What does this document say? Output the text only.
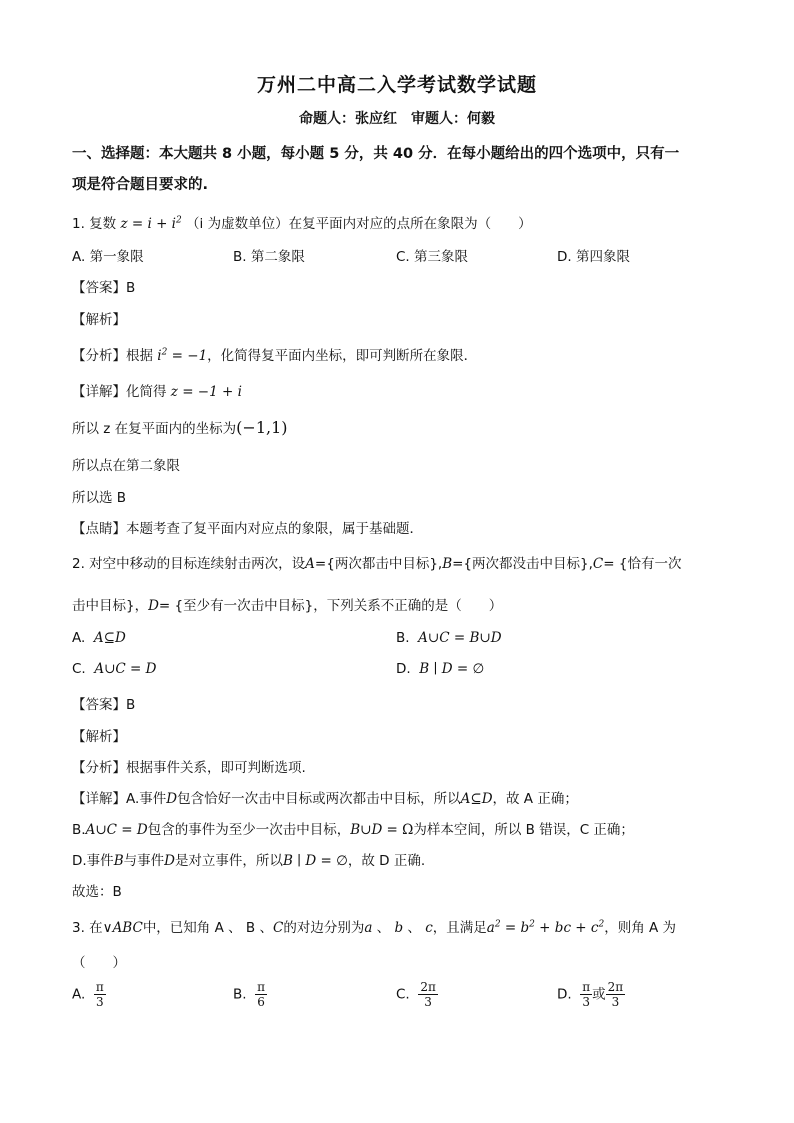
万州二中高二入学考试数学试题
命题人：张应红　审题人：何毅
一、选择题：本大题共 8 小题，每小题 5 分，共 40 分．在每小题给出的四个选项中，只有一
项是符合题目要求的.
1. 复数 $z = i + i^2$ （i 为虚数单位）在复平面内对应的点所在象限为（　　）
A. 第一象限	B. 第二象限	C. 第三象限	D. 第四象限
【答案】B
【解析】
【分析】根据 $i^2 = -1$，化简得复平面内坐标，即可判断所在象限．
【详解】化简得 z = −1 + i
所以 z 在复平面内的坐标为(−1,1)
所以点在第二象限
所以选 B
【点睛】本题考查了复平面内对应点的象限，属于基础题．
2. 对空中移动的目标连续射击两次，设A={两次都击中目标},B={两次都没击中目标},C= {恰有一次
击中目标}，D= {至少有一次击中目标}，下列关系不正确的是（　　）
A. A⊆D	B. A∪C = B∪D
C. A∪C = D	D. B ∣ D = ∅
【答案】B
【解析】
【分析】根据事件关系，即可判断选项.
【详解】A.事件D包含恰好一次击中目标或两次都击中目标，所以A⊆D，故 A 正确；
B.A∪C = D包含的事件为至少一次击中目标，B∪D = Ω为样本空间，所以 B 错误，C 正确；
D.事件B与事件D是对立事件，所以B ∣ D = ∅，故 D 正确.
故选：B
3. 在∨ABC中，已知角 A 、 B 、C的对边分别为a 、 b 、 c，且满足$a^2 = b^2$ + bc + $c^2$，则角 A 为
（　　）
A. $\frac{\pi}{3}$	B. $\frac{\pi}{6}$	C. $\frac{2\pi}{3}$	D. $\frac{\pi}{3}$ 或 $\frac{2\pi}{3}$
